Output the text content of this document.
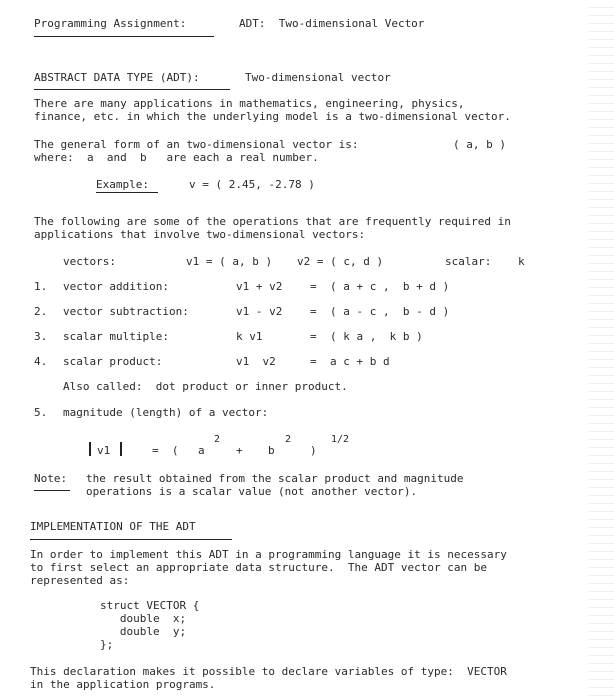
Programming Assignment:	ADT:  Two-dimensional Vector
ABSTRACT DATA TYPE (ADT):	Two-dimensional vector
There are many applications in mathematics, engineering, physics,
finance, etc. in which the underlying model is a two-dimensional vector.
The general form of an two-dimensional vector is:	( a, b )
where:  a  and  b   are each a real number.
Example:	v = ( 2.45, -2.78 )
The following are some of the operations that are frequently required in
applications that involve two-dimensional vectors:
vectors:	v1 = ( a, b ) v2 = ( c, d )	scalar: k
1. vector addition:	v1 + v2	= ( a + c ,  b + d )
2. vector subtraction:	v1 - v2	= ( a - c ,  b - d )
3. scalar multiple:	k v1	= ( k a ,  k b )
4. scalar product:	v1  v2	= a c + b d
Also called:  dot product or inner product.
5. magnitude (length) of a vector:
2	2	1/2
v1	=  ( a	+ b	)
Note: the result obtained from the scalar product and magnitude
operations is a scalar value (not another vector).
IMPLEMENTATION OF THE ADT
In order to implement this ADT in a programming language it is necessary
to first select an appropriate data structure.  The ADT vector can be
represented as:
struct VECTOR {
double  x;
double  y;
};
This declaration makes it possible to declare variables of type:  VECTOR
in the application programs.
